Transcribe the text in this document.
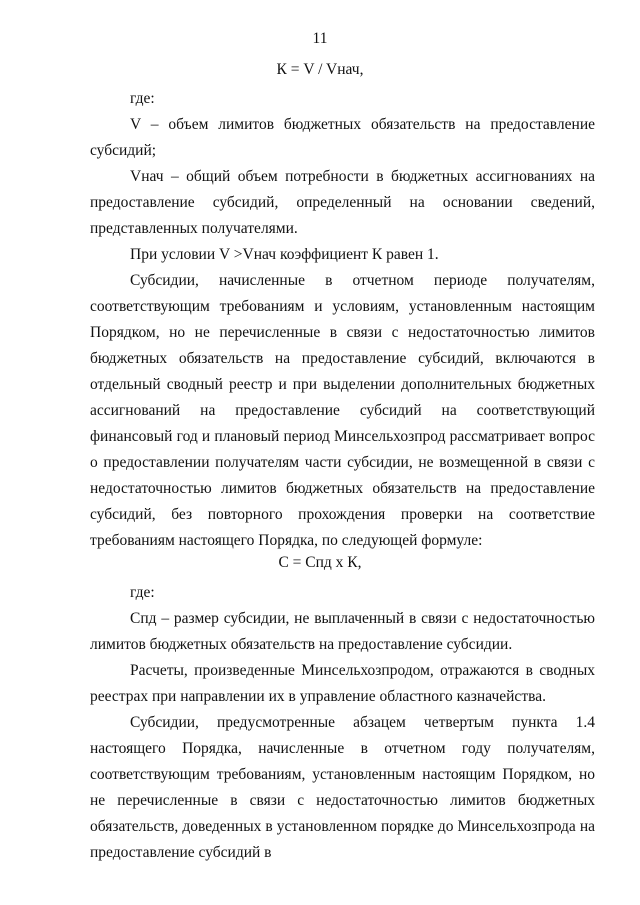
11
К = V / Vнач,
где:
V – объем лимитов бюджетных обязательств на предоставление субсидий;
Vнач – общий объем потребности в бюджетных ассигнованиях на предоставление субсидий, определенный на основании сведений, представленных получателями.
При условии V >Vнач коэффициент К равен 1.
Субсидии, начисленные в отчетном периоде получателям, соответствующим требованиям и условиям, установленным настоящим Порядком, но не перечисленные в связи с недостаточностью лимитов бюджетных обязательств на предоставление субсидий, включаются в отдельный сводный реестр и при выделении дополнительных бюджетных ассигнований на предоставление субсидий на соответствующий финансовый год и плановый период Минсельхозпрод рассматривает вопрос о предоставлении получателям части субсидии, не возмещенной в связи с недостаточностью лимитов бюджетных обязательств на предоставление субсидий, без повторного прохождения проверки на соответствие требованиям настоящего Порядка, по следующей формуле:
С = Спд х К,
где:
Спд – размер субсидии, не выплаченный в связи с недостаточностью лимитов бюджетных обязательств на предоставление субсидии.
Расчеты, произведенные Минсельхозпродом, отражаются в сводных реестрах при направлении их в управление областного казначейства.
Субсидии, предусмотренные абзацем четвертым пункта 1.4 настоящего Порядка, начисленные в отчетном году получателям, соответствующим требованиям, установленным настоящим Порядком, но не перечисленные в связи с недостаточностью лимитов бюджетных обязательств, доведенных в установленном порядке до Минсельхозпрода на предоставление субсидий в
